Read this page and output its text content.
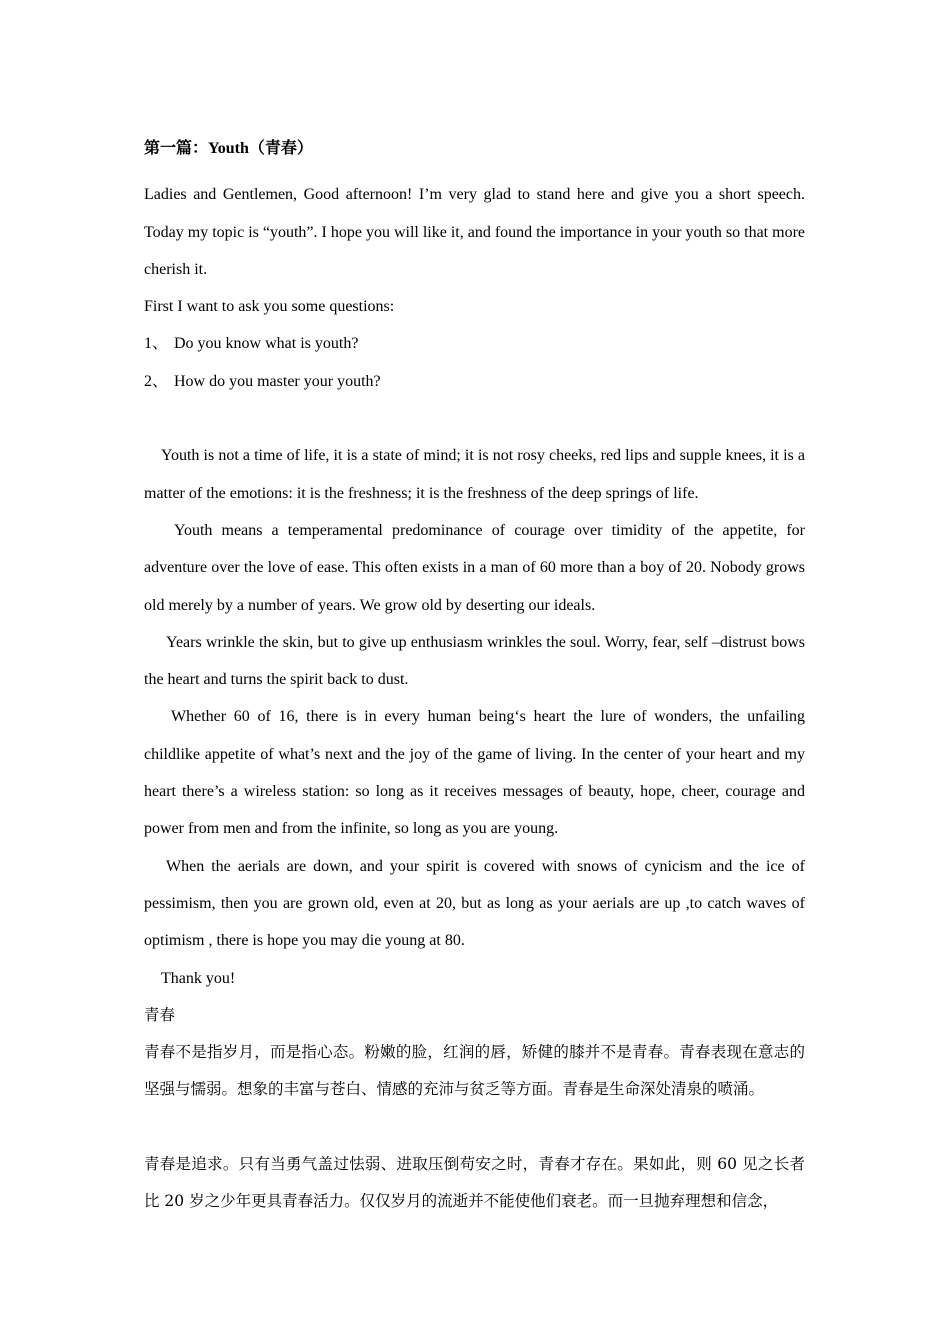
第一篇：Youth（青春）

Ladies and Gentlemen, Good afternoon! I’m very glad to stand here and give you a short speech. Today my topic is “youth”. I hope you will like it, and found the importance in your youth so that more cherish it.

First I want to ask you some questions:

1、 Do you know what is youth?
2、 How do you master your youth?

Youth is not a time of life, it is a state of mind; it is not rosy cheeks, red lips and supple knees, it is a matter of the emotions: it is the freshness; it is the freshness of the deep springs of life.

Youth means a temperamental predominance of courage over timidity of the appetite, for adventure over the love of ease. This often exists in a man of 60 more than a boy of 20. Nobody grows old merely by a number of years. We grow old by deserting our ideals.

Years wrinkle the skin, but to give up enthusiasm wrinkles the soul. Worry, fear, self –distrust bows the heart and turns the spirit back to dust.

Whether 60 of 16, there is in every human being‘s heart the lure of wonders, the unfailing childlike appetite of what’s next and the joy of the game of living. In the center of your heart and my heart there’s a wireless station: so long as it receives messages of beauty, hope, cheer, courage and power from men and from the infinite, so long as you are young.

When the aerials are down, and your spirit is covered with snows of cynicism and the ice of pessimism, then you are grown old, even at 20, but as long as your aerials are up ,to catch waves of optimism , there is hope you may die young at 80.

Thank you!

青春

青春不是指岁月，而是指心态。粉嫩的脸，红润的唇，矫健的膝并不是青春。青春表现在意志的坚强与懦弱。想象的丰富与苍白、情感的充沛与贫乏等方面。青春是生命深处清泉的喷涌。

青春是追求。只有当勇气盖过怯弱、进取压倒苟安之时，青春才存在。果如此，则 60 见之长者比 20 岁之少年更具青春活力。仅仅岁月的流逝并不能使他们衰老。而一旦抛弃理想和信念，
